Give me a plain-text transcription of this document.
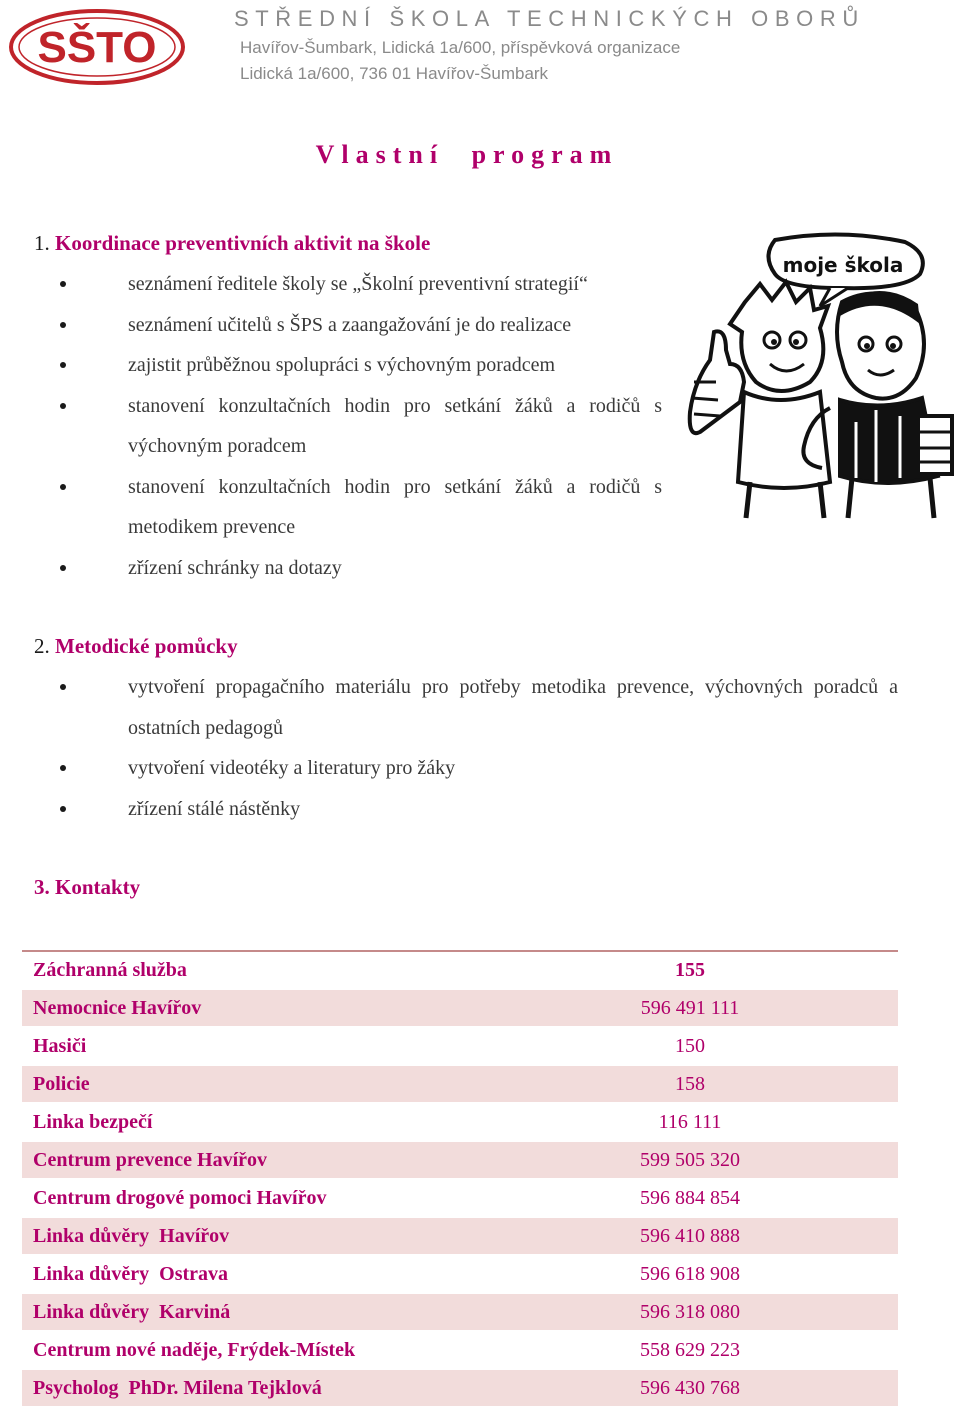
SŠTO
STŘEDNÍ ŠKOLA TECHNICKÝCH OBORŮ
Havířov-Šumbark, Lidická 1a/600, příspěvková organizace
Lidická 1a/600, 736 01 Havířov-Šumbark
Vlastní program
1. Koordinace preventivních aktivit na škole
seznámení ředitele školy se „Školní preventivní strategií“
seznámení učitelů s ŠPS a zaangažování je do realizace
zajistit průběžnou spolupráci s výchovným poradcem
stanovení konzultačních hodin pro setkání žáků a rodičů s výchovným poradcem
stanovení konzultačních hodin pro setkání žáků a rodičů s metodikem prevence
zřízení schránky na dotazy
moje škola
2. Metodické pomůcky
vytvoření propagačního materiálu pro potřeby metodika prevence, výchovných poradců a ostatních pedagogů
vytvoření videotéky a literatury pro žáky
zřízení stálé nástěnky
3. Kontakty
Záchranná služba	155
Nemocnice Havířov	596 491 111
Hasiči	150
Policie	158
Linka bezpečí	116 111
Centrum prevence Havířov	599 505 320
Centrum drogové pomoci Havířov	596 884 854
Linka důvěry  Havířov	596 410 888
Linka důvěry  Ostrava	596 618 908
Linka důvěry  Karviná	596 318 080
Centrum nové naděje, Frýdek-Místek	558 629 223
Psycholog  PhDr. Milena Tejklová	596 430 768
